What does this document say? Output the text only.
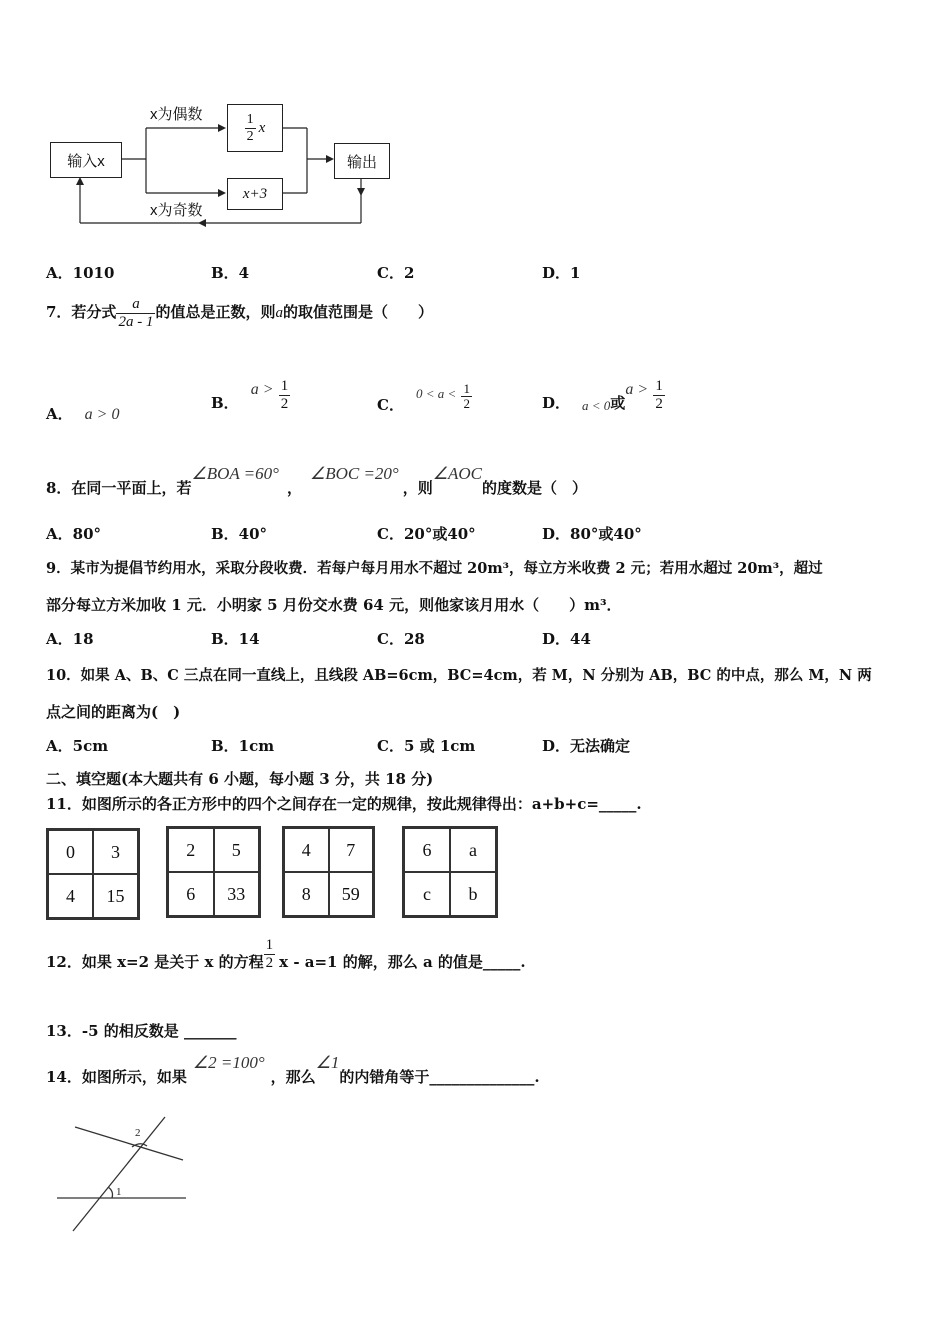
输入x
$\frac{1}{2}$ x
x+3
输出
x为偶数
x为奇数
A．1010	B．4	C．2	D．1
7．若分式 $\frac{a}{2a - 1}$ 的值总是正数，则a的取值范围是（　　）
A． a > 0
B．$a > \frac{1}{2}$	C．$0 < a < \frac{1}{2}$	D． a < 0或$a > \frac{1}{2}$
8．在同一平面上，若∠BOA =60°，∠BOC =20°，则∠AOC的度数是（　）
A．80°	B．40°	C．20°或40°	D．80°或40°
9．某市为提倡节约用水，采取分段收费．若每户每月用水不超过 20m³，每立方米收费 2 元；若用水超过 20m³，超过
部分每立方米加收 1 元．小明家 5 月份交水费 64 元，则他家该月用水（　　）m³．
A．18	B．14	C．28	D．44
10．如果 A、B、C 三点在同一直线上，且线段 AB=6cm，BC=4cm，若 M，N 分别为 AB，BC 的中点，那么 M，N 两
点之间的距离为(　)
A．5cm	B．1cm	C．5 或 1cm	D．无法确定
二、填空题(本大题共有 6 小题，每小题 3 分，共 18 分)
11．如图所示的各正方形中的四个之间存在一定的规律，按此规律得出：a+b+c=_____.
0	3
4	15
2	5
6	33
4	7
8	59
6	a
c	b
12．如果 x=2 是关于 x 的方程 $\frac{1}{2}$ x - a=1 的解，那么 a 的值是_____.
13．-5 的相反数是 _______
14．如图所示，如果∠2 =100°，那么∠1的内错角等于______________.
2
1
